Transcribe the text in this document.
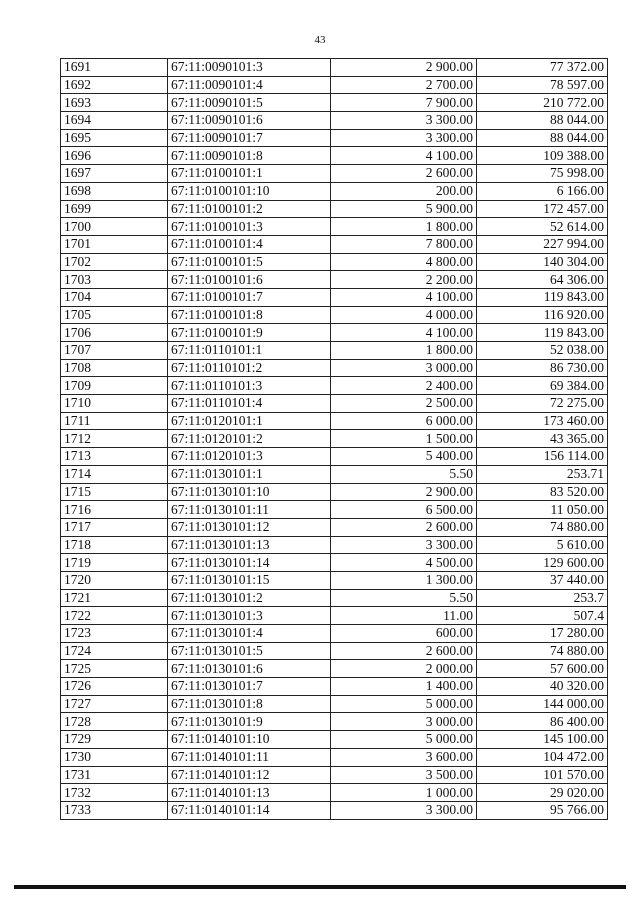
43
1691	67:11:0090101:3	2 900.00	77 372.00
1692	67:11:0090101:4	2 700.00	78 597.00
1693	67:11:0090101:5	7 900.00	210 772.00
1694	67:11:0090101:6	3 300.00	88 044.00
1695	67:11:0090101:7	3 300.00	88 044.00
1696	67:11:0090101:8	4 100.00	109 388.00
1697	67:11:0100101:1	2 600.00	75 998.00
1698	67:11:0100101:10	200.00	6 166.00
1699	67:11:0100101:2	5 900.00	172 457.00
1700	67:11:0100101:3	1 800.00	52 614.00
1701	67:11:0100101:4	7 800.00	227 994.00
1702	67:11:0100101:5	4 800.00	140 304.00
1703	67:11:0100101:6	2 200.00	64 306.00
1704	67:11:0100101:7	4 100.00	119 843.00
1705	67:11:0100101:8	4 000.00	116 920.00
1706	67:11:0100101:9	4 100.00	119 843.00
1707	67:11:0110101:1	1 800.00	52 038.00
1708	67:11:0110101:2	3 000.00	86 730.00
1709	67:11:0110101:3	2 400.00	69 384.00
1710	67:11:0110101:4	2 500.00	72 275.00
1711	67:11:0120101:1	6 000.00	173 460.00
1712	67:11:0120101:2	1 500.00	43 365.00
1713	67:11:0120101:3	5 400.00	156 114.00
1714	67:11:0130101:1	5.50	253.71
1715	67:11:0130101:10	2 900.00	83 520.00
1716	67:11:0130101:11	6 500.00	11 050.00
1717	67:11:0130101:12	2 600.00	74 880.00
1718	67:11:0130101:13	3 300.00	5 610.00
1719	67:11:0130101:14	4 500.00	129 600.00
1720	67:11:0130101:15	1 300.00	37 440.00
1721	67:11:0130101:2	5.50	253.7
1722	67:11:0130101:3	11.00	507.4
1723	67:11:0130101:4	600.00	17 280.00
1724	67:11:0130101:5	2 600.00	74 880.00
1725	67:11:0130101:6	2 000.00	57 600.00
1726	67:11:0130101:7	1 400.00	40 320.00
1727	67:11:0130101:8	5 000.00	144 000.00
1728	67:11:0130101:9	3 000.00	86 400.00
1729	67:11:0140101:10	5 000.00	145 100.00
1730	67:11:0140101:11	3 600.00	104 472.00
1731	67:11:0140101:12	3 500.00	101 570.00
1732	67:11:0140101:13	1 000.00	29 020.00
1733	67:11:0140101:14	3 300.00	95 766.00
